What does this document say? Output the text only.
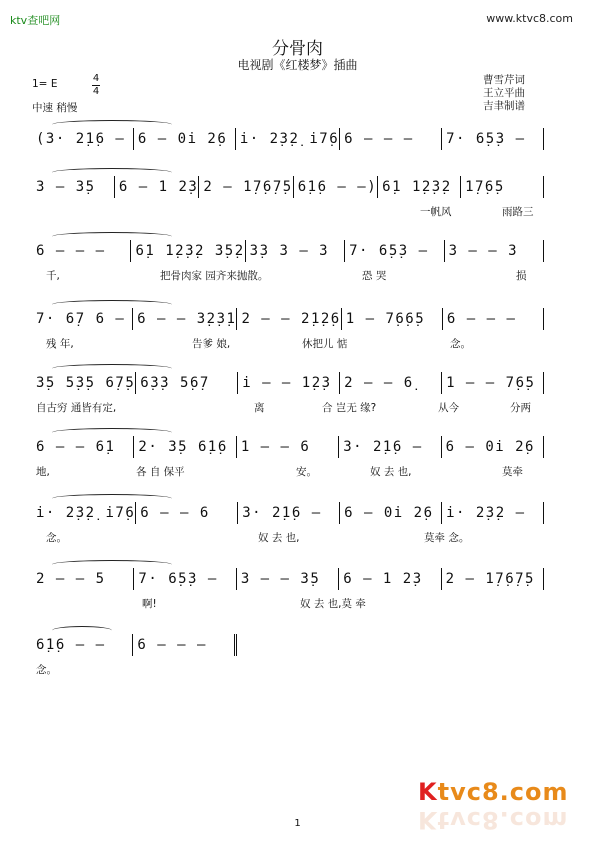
ktv查吧网	www.ktvc8.com
分骨肉
电视剧《红楼梦》插曲
1= E	4
4
中速 稍慢
曹雪芹词
王立平曲
吉聿制谱
(3· 2̣1̣6 — 6 — 0i 2̣6 i· 2̣3̣2̣ i7̣6 6 — — —	7· 6̣5̣3 —
3 — 3̣5	6 — 1 2̣3 2 — 1̣7̣6̣7̣5 6̣1̣6 — —) 6̣1 1̣2̣3̣2 1̣7̣6̣5
一帆风	雨路三
6 — — —	6̣1 1̣2̣3̣2 3̣5̣2 3̣3 3 — 3	7· 6̣5̣3 —	3 — — 3
千,	把骨肉家 园齐来抛散。	恐 哭	损
7· 6̣7 6 — 6 — — 3̣2̣3̣1 2 — — 2̣1̣2̣6 1 — 7̣6̣6̣5	6 — — —
残 年,	告爹 娘,	休把儿 惦	念。
3̣5 5̣3̣5 6̣7̣5 6̣3̣3 5̣6̣7	i — — 1̣2̣3 2 — — 6̣	1 — — 7̣6̣5
自古穷 通皆有定,	离	合 岂无 缘?	从今	分两
6 — — 6̣1	2· 3̣5 6̣1̣6 1 — — 6	3· 2̣1̣6 —	6 — 0i 2̣6
地,	各 自 保平	安。	奴 去 也,	莫牵
i· 2̣3̣2̣ i7̣6 6 — — 6	3· 2̣1̣6 —	6 — 0i 2̣6 i· 2̣3̣2 —
念。	奴 去 也,	莫牵 念。
2 — — 5	7· 6̣5̣3 —	3 — — 3̣5	6 — 1 2̣3	2 — 1̣7̣6̣7̣5
啊!	奴 去 也,莫 牵
6̣1̣6 — —	6 — — —
念。
Ktvc8.com
Ktvc8.com
1
